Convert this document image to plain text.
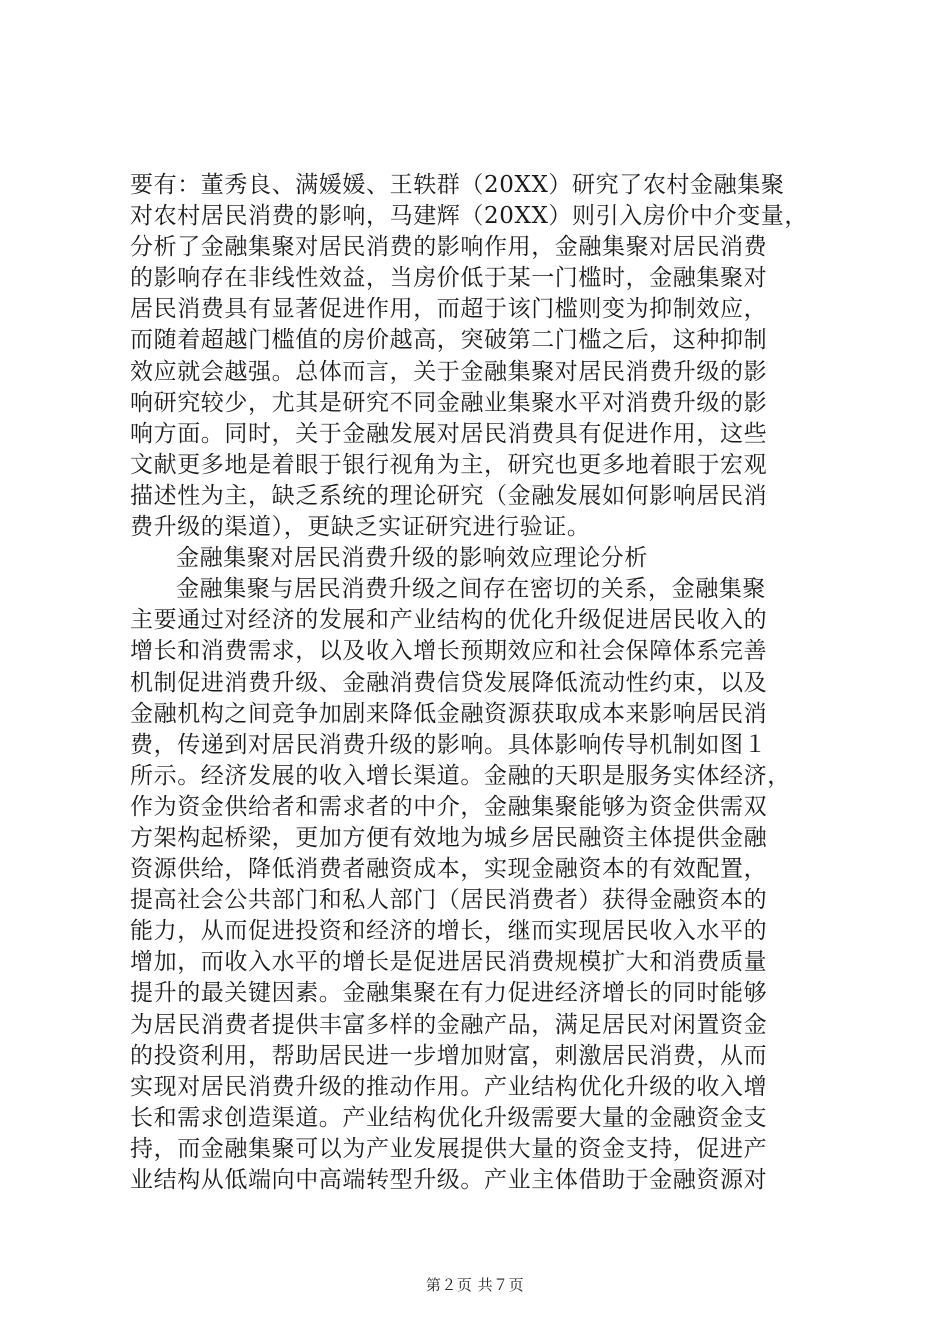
要有：董秀良、满媛媛、王轶群（20XX）研究了农村金融集聚
对农村居民消费的影响，马建辉（20XX）则引入房价中介变量，
分析了金融集聚对居民消费的影响作用，金融集聚对居民消费
的影响存在非线性效益，当房价低于某一门槛时，金融集聚对
居民消费具有显著促进作用，而超于该门槛则变为抑制效应，
而随着超越门槛值的房价越高，突破第二门槛之后，这种抑制
效应就会越强。总体而言，关于金融集聚对居民消费升级的影
响研究较少，尤其是研究不同金融业集聚水平对消费升级的影
响方面。同时，关于金融发展对居民消费具有促进作用，这些
文献更多地是着眼于银行视角为主，研究也更多地着眼于宏观
描述性为主，缺乏系统的理论研究（金融发展如何影响居民消
费升级的渠道），更缺乏实证研究进行验证。
金融集聚对居民消费升级的影响效应理论分析
金融集聚与居民消费升级之间存在密切的关系，金融集聚
主要通过对经济的发展和产业结构的优化升级促进居民收入的
增长和消费需求，以及收入增长预期效应和社会保障体系完善
机制促进消费升级、金融消费信贷发展降低流动性约束，以及
金融机构之间竞争加剧来降低金融资源获取成本来影响居民消
费，传递到对居民消费升级的影响。具体影响传导机制如图１
所示。经济发展的收入增长渠道。金融的天职是服务实体经济，
作为资金供给者和需求者的中介，金融集聚能够为资金供需双
方架构起桥梁，更加方便有效地为城乡居民融资主体提供金融
资源供给，降低消费者融资成本，实现金融资本的有效配置，
提高社会公共部门和私人部门（居民消费者）获得金融资本的
能力，从而促进投资和经济的增长，继而实现居民收入水平的
增加，而收入水平的增长是促进居民消费规模扩大和消费质量
提升的最关键因素。金融集聚在有力促进经济增长的同时能够
为居民消费者提供丰富多样的金融产品，满足居民对闲置资金
的投资利用，帮助居民进一步增加财富，刺激居民消费，从而
实现对居民消费升级的推动作用。产业结构优化升级的收入增
长和需求创造渠道。产业结构优化升级需要大量的金融资金支
持，而金融集聚可以为产业发展提供大量的资金支持，促进产
业结构从低端向中高端转型升级。产业主体借助于金融资源对
第２页 共７页
